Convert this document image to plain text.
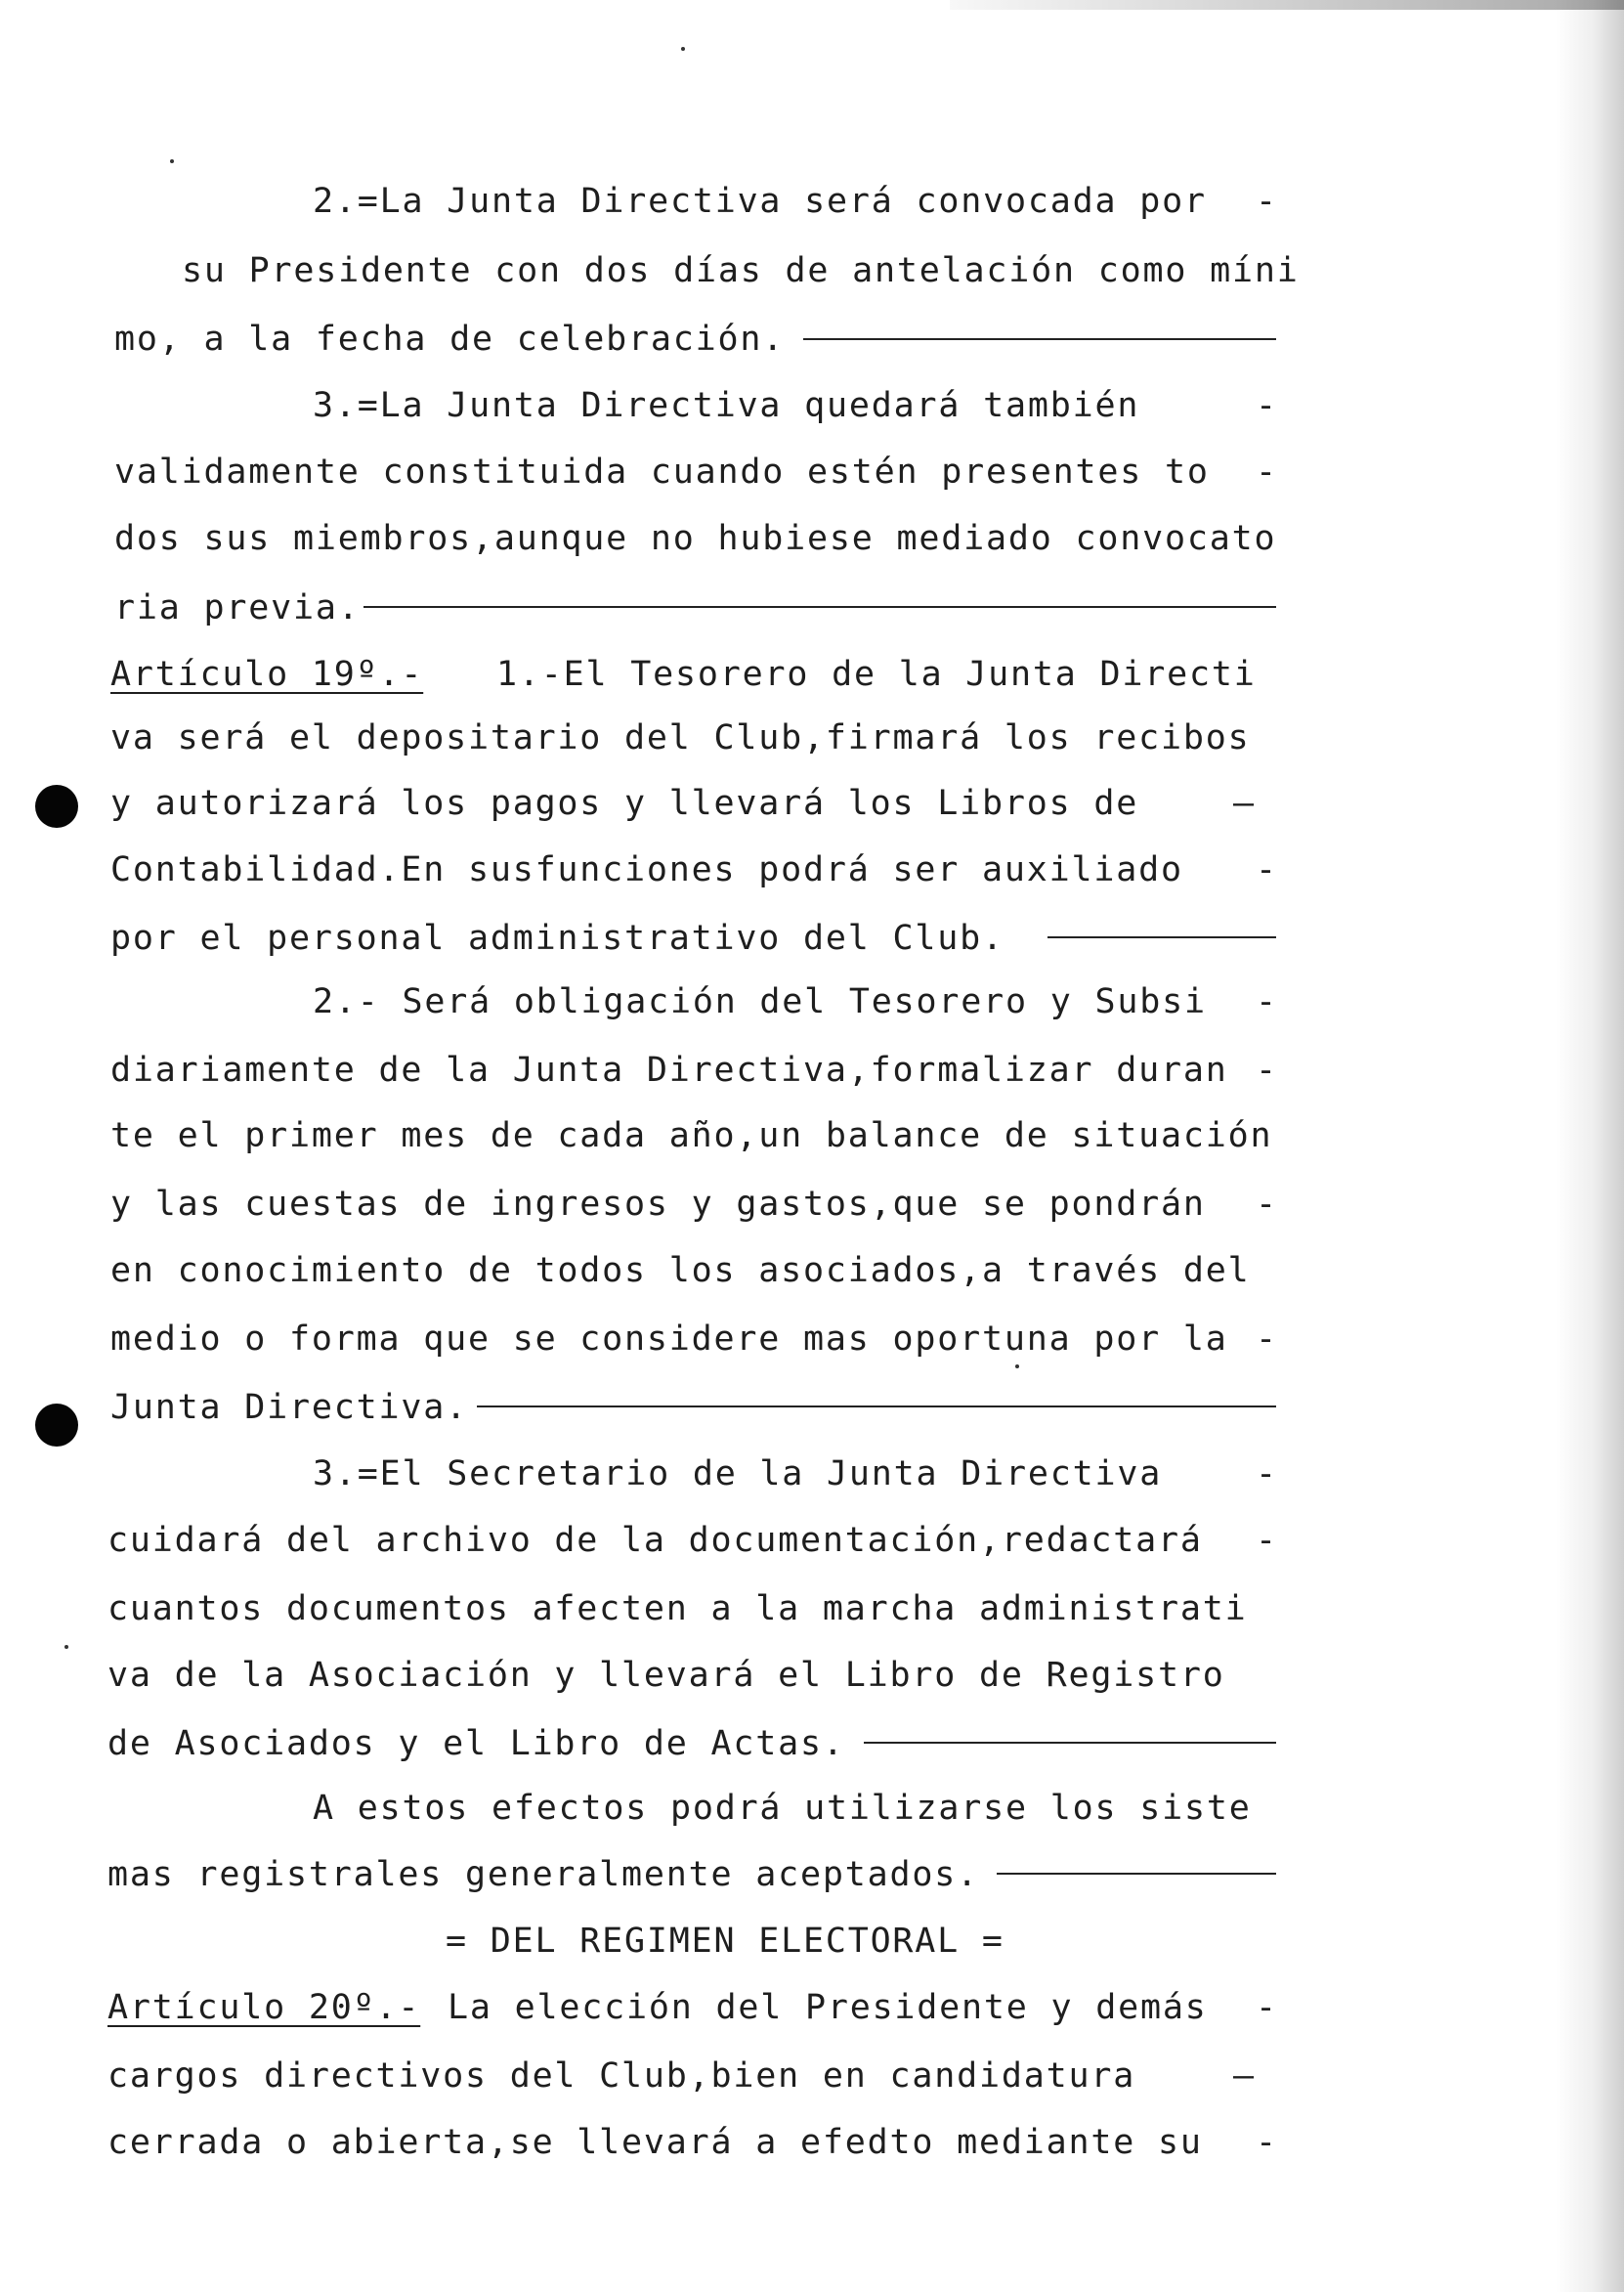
2.=La Junta Directiva será convocada por -
su Presidente con dos días de antelación como míni
mo, a la fecha de celebración.
3.=La Junta Directiva quedará también	-
validamente constituida cuando estén presentes to -
dos sus miembros,aunque no hubiese mediado convocato
ria previa.
Artículo 19º.- 1.-El Tesorero de la Junta Directi
va será el depositario del Club,firmará los recibos
y autorizará los pagos y llevará los Libros de	—
Contabilidad.En susfunciones podrá ser auxiliado -
por el personal administrativo del Club.
2.- Será obligación del Tesorero y Subsi -
diariamente de la Junta Directiva,formalizar duran -
te el primer mes de cada año,un balance de situación
y las cuestas de ingresos y gastos,que se pondrán -
en conocimiento de todos los asociados,a través del
medio o forma que se considere mas oportuna por la -
Junta Directiva.
3.=El Secretario de la Junta Directiva	-
cuidará del archivo de la documentación,redactará -
cuantos documentos afecten a la marcha administrati
va de la Asociación y llevará el Libro de Registro
de Asociados y el Libro de Actas.
A estos efectos podrá utilizarse los siste
mas registrales generalmente aceptados.
= DEL REGIMEN ELECTORAL =
Artículo 20º.- La elección del Presidente y demás -
cargos directivos del Club,bien en candidatura	—
cerrada o abierta,se llevará a efedto mediante su -
